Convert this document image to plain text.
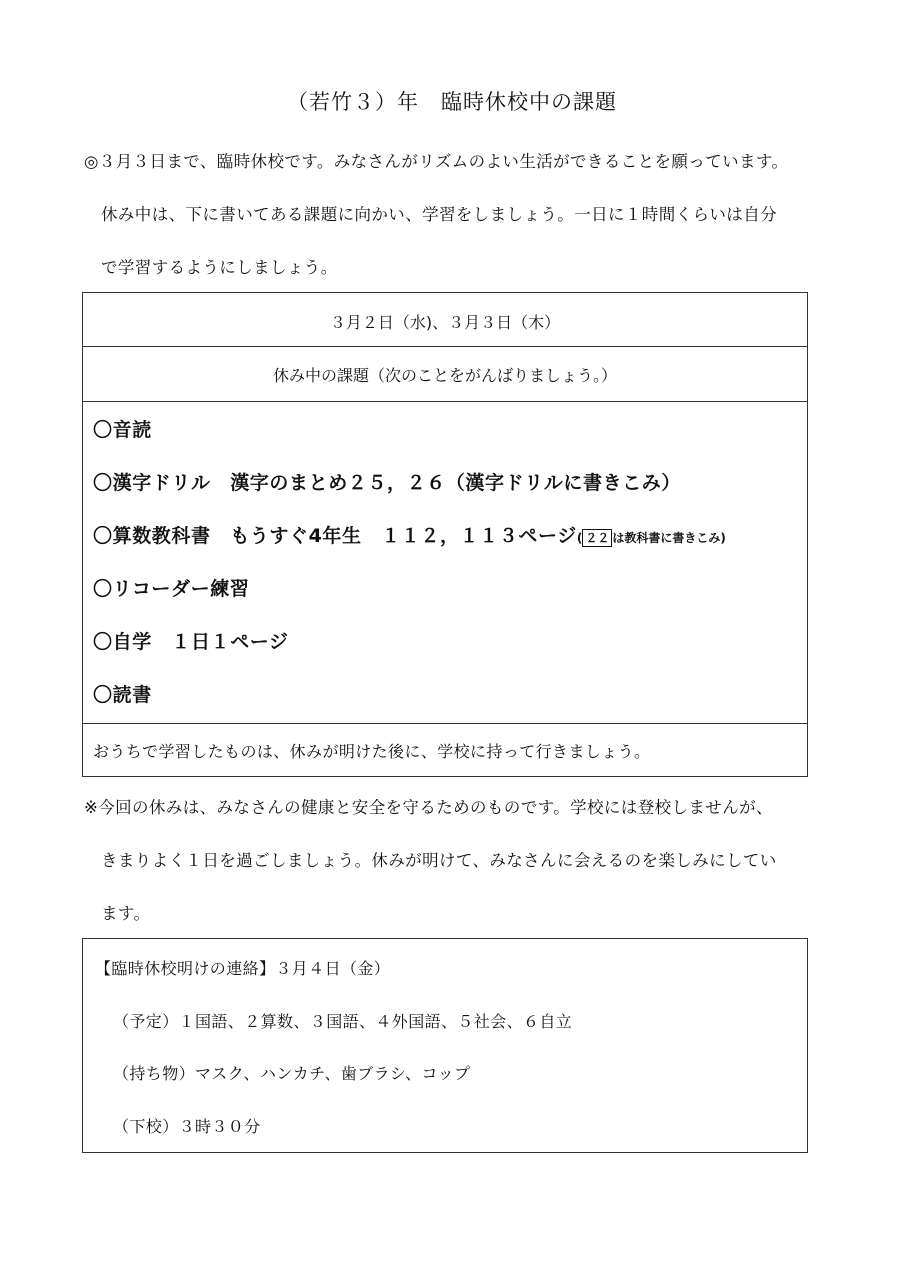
（若竹３）年　臨時休校中の課題
◎３月３日まで、臨時休校です。みなさんがリズムのよい生活ができることを願っています。
休み中は、下に書いてある課題に向かい、学習をしましょう。一日に１時間くらいは自分
で学習するようにしましょう。
３月２日（水)、３月３日（木）
休み中の課題（次のことをがんばりましょう。）
〇音読
〇漢字ドリル　漢字のまとめ２５，２６（漢字ドリルに書きこみ）
〇算数教科書　もうすぐ4年生　１１２，１１３ページ( ２２ は教科書に書きこみ)
〇リコーダー練習
〇自学　１日１ページ
〇読書
おうちで学習したものは、休みが明けた後に、学校に持って行きましょう。
※今回の休みは、みなさんの健康と安全を守るためのものです。学校には登校しませんが、
きまりよく１日を過ごしましょう。休みが明けて、みなさんに会えるのを楽しみにしてい
ます。
【臨時休校明けの連絡】３月４日（金）
（予定）１国語、２算数、３国語、４外国語、５社会、６自立
（持ち物）マスク、ハンカチ、歯ブラシ、コップ
（下校）３時３０分
